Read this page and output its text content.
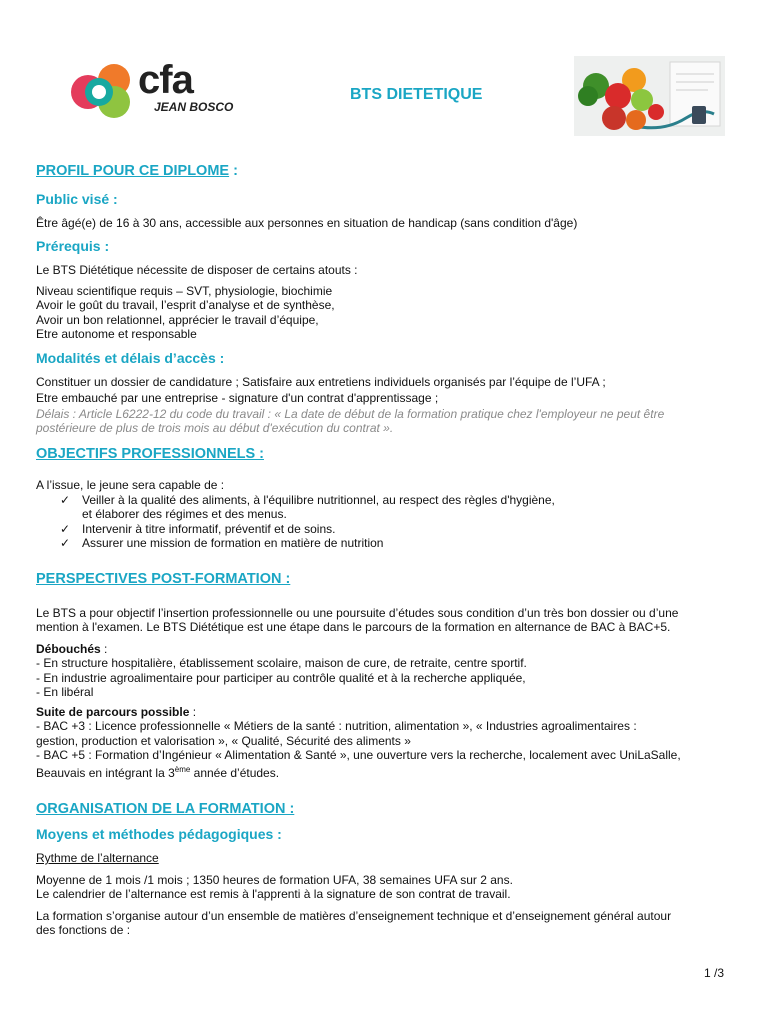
cfa
JEAN BOSCO
BTS DIETETIQUE
PROFIL POUR CE DIPLOME :
Public visé :
Être âgé(e) de 16 à 30 ans, accessible aux personnes en situation de handicap (sans condition d'âge)
Prérequis :
Le BTS Diététique nécessite de disposer de certains atouts :
Niveau scientifique requis – SVT, physiologie, biochimie
Avoir le goût du travail, l’esprit d’analyse et de synthèse,
Avoir un bon relationnel, apprécier le travail d’équipe,
Etre autonome et responsable
Modalités et délais d’accès :
Constituer un dossier de candidature ; Satisfaire aux entretiens individuels organisés par l’équipe de l’UFA ;
Etre embauché par une entreprise - signature d'un contrat d'apprentissage ;
Délais : Article L6222-12 du code du travail : « La date de début de la formation pratique chez l'employeur ne peut être
postérieure de plus de trois mois au début d'exécution du contrat ».
OBJECTIFS PROFESSIONNELS :
A l’issue, le jeune sera capable de :
✓ Veiller à la qualité des aliments, à l'équilibre nutritionnel, au respect des règles d'hygiène,
et élaborer des régimes et des menus.
✓ Intervenir à titre informatif, préventif et de soins.
✓ Assurer une mission de formation en matière de nutrition
PERSPECTIVES POST-FORMATION :
Le BTS a pour objectif l’insertion professionnelle ou une poursuite d’études sous condition d’un très bon dossier ou d’une
mention à l'examen. Le BTS Diététique est une étape dans le parcours de la formation en alternance de BAC à BAC+5.
Débouchés :
- En structure hospitalière, établissement scolaire, maison de cure, de retraite, centre sportif.
- En industrie agroalimentaire pour participer au contrôle qualité et à la recherche appliquée,
- En libéral
Suite de parcours possible :
- BAC +3 : Licence professionnelle « Métiers de la santé : nutrition, alimentation », « Industries agroalimentaires :
gestion, production et valorisation », « Qualité, Sécurité des aliments »
- BAC +5 : Formation d’Ingénieur « Alimentation & Santé », une ouverture vers la recherche, localement avec UniLaSalle,
Beauvais en intégrant la 3ème année d’études.
ORGANISATION DE LA FORMATION :
Moyens et méthodes pédagogiques :
Rythme de l’alternance
Moyenne de 1 mois /1 mois ; 1350 heures de formation UFA, 38 semaines UFA sur 2 ans.
Le calendrier de l’alternance est remis à l'apprenti à la signature de son contrat de travail.
La formation s’organise autour d’un ensemble de matières d’enseignement technique et d’enseignement général autour
des fonctions de :
1 /3
